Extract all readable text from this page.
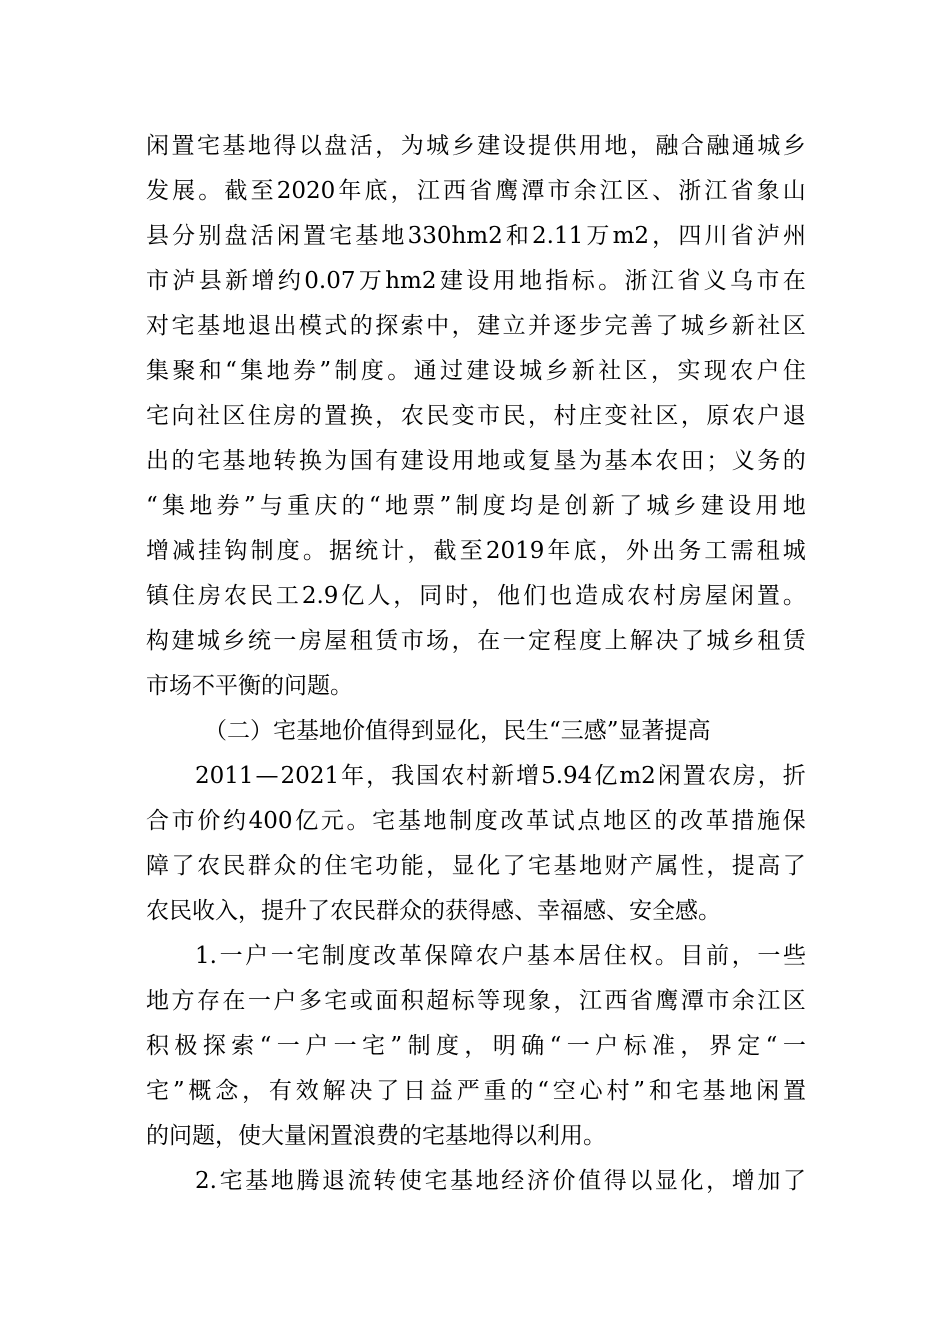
闲 置 宅 基 地 得 以 盘 活 ， 为 城 乡 建 设 提 供 用 地 ， 融 合 融 通 城 乡
发 展 。 截 至 2020 年 底 ， 江 西 省 鹰 潭 市 余 江 区 、 浙 江 省 象 山
县 分 别 盘 活 闲 置 宅 基 地 330hm2 和 2.11 万 m2 ， 四 川 省 泸 州
市 泸 县 新 增 约 0.07 万 hm2 建 设 用 地 指 标 。 浙 江 省 义 乌 市 在
对 宅 基 地 退 出 模 式 的 探 索 中 ， 建 立 并 逐 步 完 善 了 城 乡 新 社 区
集 聚 和 “ 集 地 券 ” 制 度 。 通 过 建 设 城 乡 新 社 区 ， 实 现 农 户 住
宅 向 社 区 住 房 的 置 换 ， 农 民 变 市 民 ， 村 庄 变 社 区 ， 原 农 户 退
出 的 宅 基 地 转 换 为 国 有 建 设 用 地 或 复 垦 为 基 本 农 田 ； 义 务 的
“ 集 地 券 ” 与 重 庆 的 “ 地 票 ” 制 度 均 是 创 新 了 城 乡 建 设 用 地
增 减 挂 钩 制 度 。 据 统 计 ， 截 至 2019 年 底 ， 外 出 务 工 需 租 城
镇 住 房 农 民 工 2.9 亿 人 ， 同 时 ， 他 们 也 造 成 农 村 房 屋 闲 置 。
构 建 城 乡 统 一 房 屋 租 赁 市 场 ， 在 一 定 程 度 上 解 决 了 城 乡 租 赁
市场不平衡的问题。
（二）宅基地价值得到显化，民生“三感”显著提高
2011 — 2021 年 ， 我 国 农 村 新 增 5.94 亿 m2 闲 置 农 房 ， 折
合 市 价 约 400 亿 元 。 宅 基 地 制 度 改 革 试 点 地 区 的 改 革 措 施 保
障 了 农 民 群 众 的 住 宅 功 能 ， 显 化 了 宅 基 地 财 产 属 性 ， 提 高 了
农民收入，提升了农民群众的获得感、幸福感、安全感。
1. 一 户 一 宅 制 度 改 革 保 障 农 户 基 本 居 住 权 。 目 前 ， 一 些
地 方 存 在 一 户 多 宅 或 面 积 超 标 等 现 象 ， 江 西 省 鹰 潭 市 余 江 区
积 极 探 索 “ 一 户 一 宅 ” 制 度 ， 明 确 “ 一 户 标 准 ， 界 定 “ 一
宅 ” 概 念 ， 有 效 解 决 了 日 益 严 重 的 “ 空 心 村 ” 和 宅 基 地 闲 置
的问题，使大量闲置浪费的宅基地得以利用。
2. 宅 基 地 腾 退 流 转 使 宅 基 地 经 济 价 值 得 以 显 化 ， 增 加 了
